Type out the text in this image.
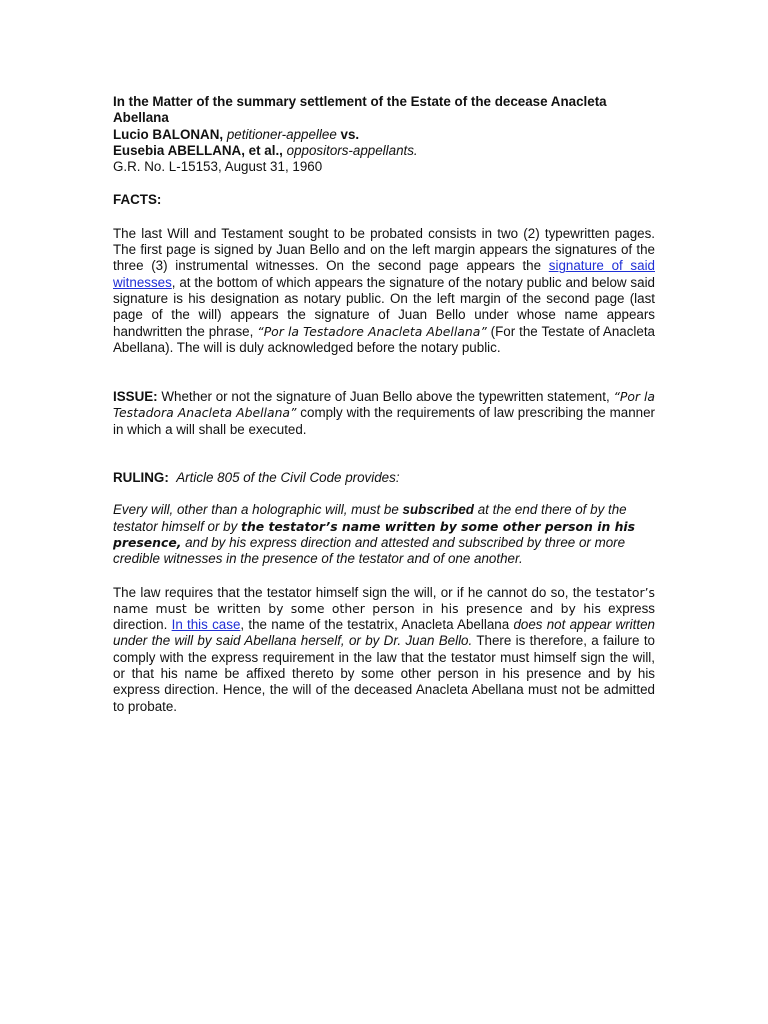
In the Matter of the summary settlement of the Estate of the decease Anacleta Abellana

Lucio BALONAN, petitioner-appellee vs.

Eusebia ABELLANA, et al., oppositors-appellants.

G.R. No. L-15153, August 31, 1960

FACTS:

The last Will and Testament sought to be probated consists in two (2) typewritten pages. The first page is signed by Juan Bello and on the left margin appears the signatures of the three (3) instrumental witnesses. On the second page appears the signature of said witnesses, at the bottom of which appears the signature of the notary public and below said signature is his designation as notary public. On the left margin of the second page (last page of the will) appears the signature of Juan Bello under whose name appears handwritten the phrase, “Por la Testadore Anacleta Abellana” (For the Testate of Anacleta Abellana). The will is duly acknowledged before the notary public.

ISSUE: Whether or not the signature of Juan Bello above the typewritten statement, “Por la Testadora Anacleta Abellana” comply with the requirements of law prescribing the manner in which a will shall be executed.

RULING: Article 805 of the Civil Code provides:

Every will, other than a holographic will, must be subscribed at the end there of by the testator himself or by the testator’s name written by some other person in his presence, and by his express direction and attested and subscribed by three or more credible witnesses in the presence of the testator and of one another.

The law requires that the testator himself sign the will, or if he cannot do so, the testator’s name must be written by some other person in his presence and by his express direction. In this case, the name of the testatrix, Anacleta Abellana does not appear written under the will by said Abellana herself, or by Dr. Juan Bello. There is therefore, a failure to comply with the express requirement in the law that the testator must himself sign the will, or that his name be affixed thereto by some other person in his presence and by his express direction. Hence, the will of the deceased Anacleta Abellana must not be admitted to probate.
